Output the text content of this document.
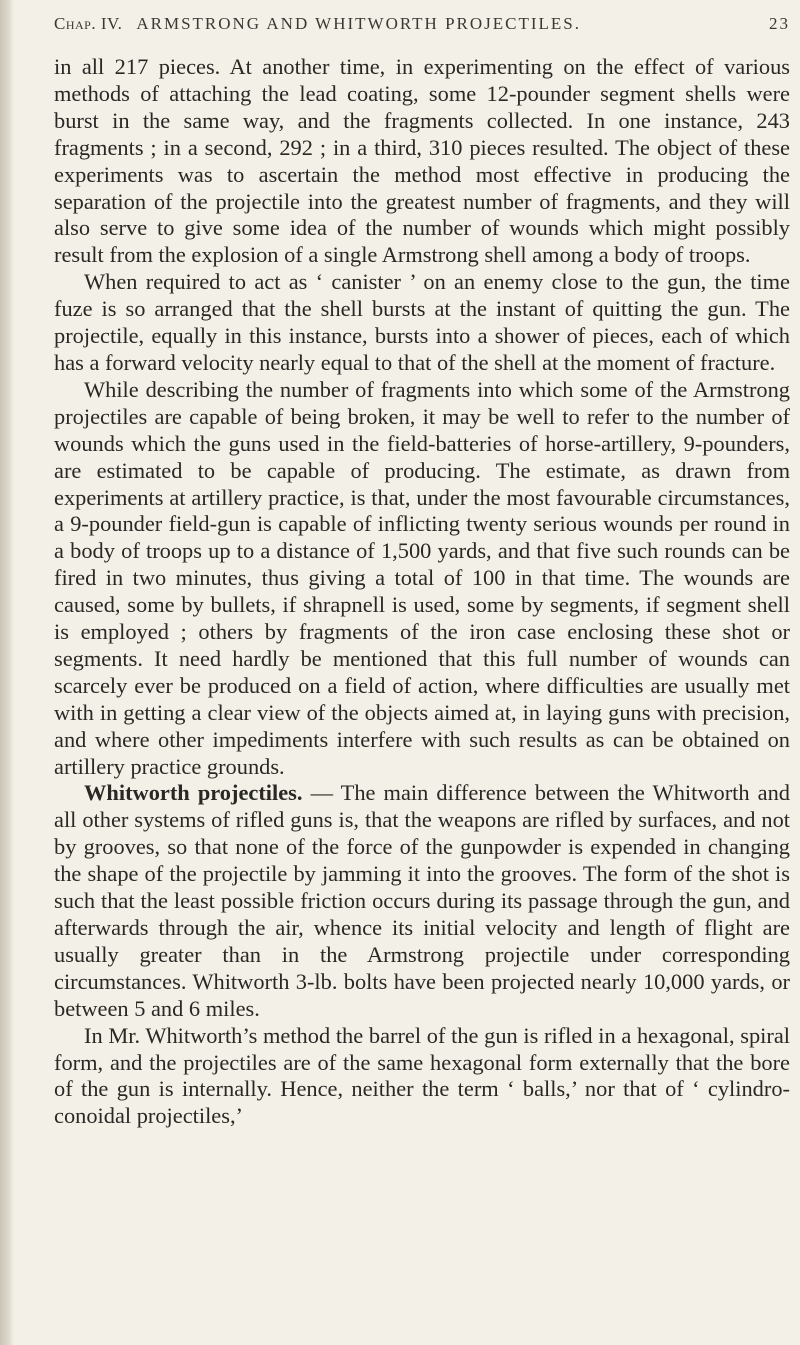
Chap. IV. ARMSTRONG AND WHITWORTH PROJECTILES.	23

in all 217 pieces. At another time, in experimenting on the effect of various methods of attaching the lead coating, some 12-pounder segment shells were burst in the same way, and the fragments collected. In one instance, 243 fragments ; in a second, 292 ; in a third, 310 pieces resulted. The object of these experiments was to ascertain the method most effective in producing the separation of the projectile into the greatest number of fragments, and they will also serve to give some idea of the number of wounds which might possibly result from the explosion of a single Armstrong shell among a body of troops.

When required to act as ‘ canister ’ on an enemy close to the gun, the time fuze is so arranged that the shell bursts at the instant of quitting the gun. The projectile, equally in this instance, bursts into a shower of pieces, each of which has a forward velocity nearly equal to that of the shell at the moment of fracture.

While describing the number of fragments into which some of the Armstrong projectiles are capable of being broken, it may be well to refer to the number of wounds which the guns used in the field-batteries of horse-artillery, 9-pounders, are estimated to be capable of producing. The estimate, as drawn from experiments at artillery practice, is that, under the most favourable circumstances, a 9-pounder field-gun is capable of inflicting twenty serious wounds per round in a body of troops up to a distance of 1,500 yards, and that five such rounds can be fired in two minutes, thus giving a total of 100 in that time. The wounds are caused, some by bullets, if shrapnell is used, some by segments, if segment shell is employed ; others by fragments of the iron case enclosing these shot or segments. It need hardly be mentioned that this full number of wounds can scarcely ever be produced on a field of action, where difficulties are usually met with in getting a clear view of the objects aimed at, in laying guns with precision, and where other impediments interfere with such results as can be obtained on artillery practice grounds.

Whitworth projectiles. — The main difference between the Whitworth and all other systems of rifled guns is, that the weapons are rifled by surfaces, and not by grooves, so that none of the force of the gunpowder is expended in changing the shape of the projectile by jamming it into the grooves. The form of the shot is such that the least possible friction occurs during its passage through the gun, and afterwards through the air, whence its initial velocity and length of flight are usually greater than in the Armstrong projectile under corresponding circumstances. Whitworth 3-lb. bolts have been projected nearly 10,000 yards, or between 5 and 6 miles.

In Mr. Whitworth’s method the barrel of the gun is rifled in a hexagonal, spiral form, and the projectiles are of the same hexagonal form externally that the bore of the gun is internally. Hence, neither the term ‘ balls,’ nor that of ‘ cylindro-conoidal projectiles,’
